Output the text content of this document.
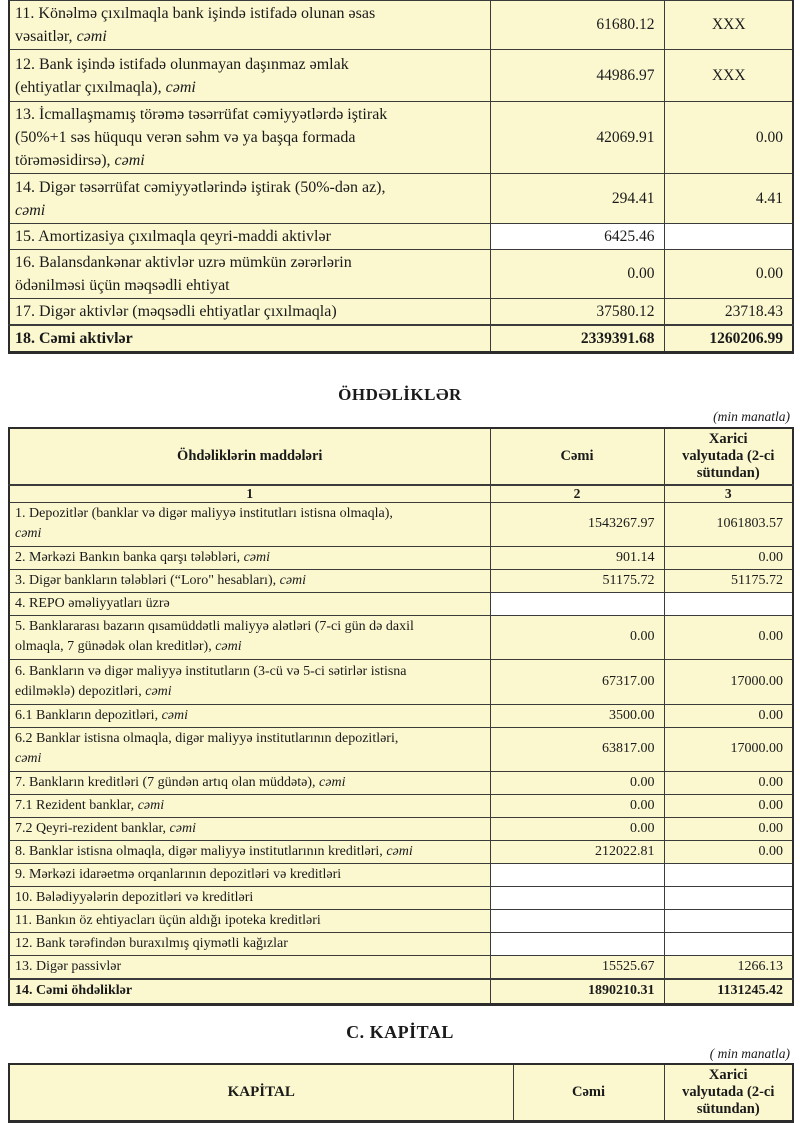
11. Könəlmə çıxılmaqla bank işində istifadə olunan əsas
vəsaitlər, cəmi	61680.12	XXX
12. Bank işində istifadə olunmayan daşınmaz əmlak
(ehtiyatlar çıxılmaqla), cəmi	44986.97	XXX
13. İcmallaşmamış törəmə təsərrüfat cəmiyyətlərdə iştirak
(50%+1 səs hüququ verən səhm və ya başqa formada
törəməsidirsə), cəmi	42069.91	0.00
14. Digər təsərrüfat cəmiyyətlərində iştirak (50%-dən az),
cəmi	294.41	4.41
15. Amortizasiya çıxılmaqla qeyri-maddi aktivlər	6425.46	
16. Balansdankənar aktivlər uzrə mümkün zərərlərin
ödənilməsi üçün məqsədli ehtiyat	0.00	0.00
17. Digər aktivlər (məqsədli ehtiyatlar çıxılmaqla)	37580.12	23718.43
18. Cəmi aktivlər	2339391.68	1260206.99
ÖHDƏLİKLƏR
(min manatla)
Öhdəliklərin maddələri	Cəmi	Xarici
valyutada (2-ci
sütundan)
1	2	3
1. Depozitlər (banklar və digər maliyyə institutları istisna olmaqla),
cəmi	1543267.97	1061803.57
2. Mərkəzi Bankın banka qarşı tələbləri, cəmi	901.14	0.00
3. Digər bankların tələbləri (“Loro" hesabları), cəmi	51175.72	51175.72
4. REPO əməliyyatları üzrə		
5. Banklararası bazarın qısamüddətli maliyyə alətləri (7-ci gün də daxil
olmaqla, 7 günədək olan kreditlər), cəmi	0.00	0.00
6. Bankların və digər maliyyə institutların (3-cü və 5-ci sətirlər istisna
edilməklə) depozitləri, cəmi	67317.00	17000.00
6.1 Bankların depozitləri, cəmi	3500.00	0.00
6.2 Banklar istisna olmaqla, digər maliyyə institutlarının depozitləri,
cəmi	63817.00	17000.00
7. Bankların kreditləri (7 gündən artıq olan müddətə), cəmi	0.00	0.00
7.1 Rezident banklar, cəmi	0.00	0.00
7.2 Qeyri-rezident banklar, cəmi	0.00	0.00
8. Banklar istisna olmaqla, digər maliyyə institutlarının kreditləri, cəmi	212022.81	0.00
9. Mərkəzi idarəetmə orqanlarının depozitləri və kreditləri		
10. Bələdiyyələrin depozitləri və kreditləri		
11. Bankın öz ehtiyacları üçün aldığı ipoteka kreditləri		
12. Bank tərəfindən buraxılmış qiymətli kağızlar		
13. Digər passivlər	15525.67	1266.13
14. Cəmi öhdəliklər	1890210.31	1131245.42
C. KAPİTAL
( min manatla)
KAPİTAL	Cəmi	Xarici
valyutada (2-ci
sütundan)
